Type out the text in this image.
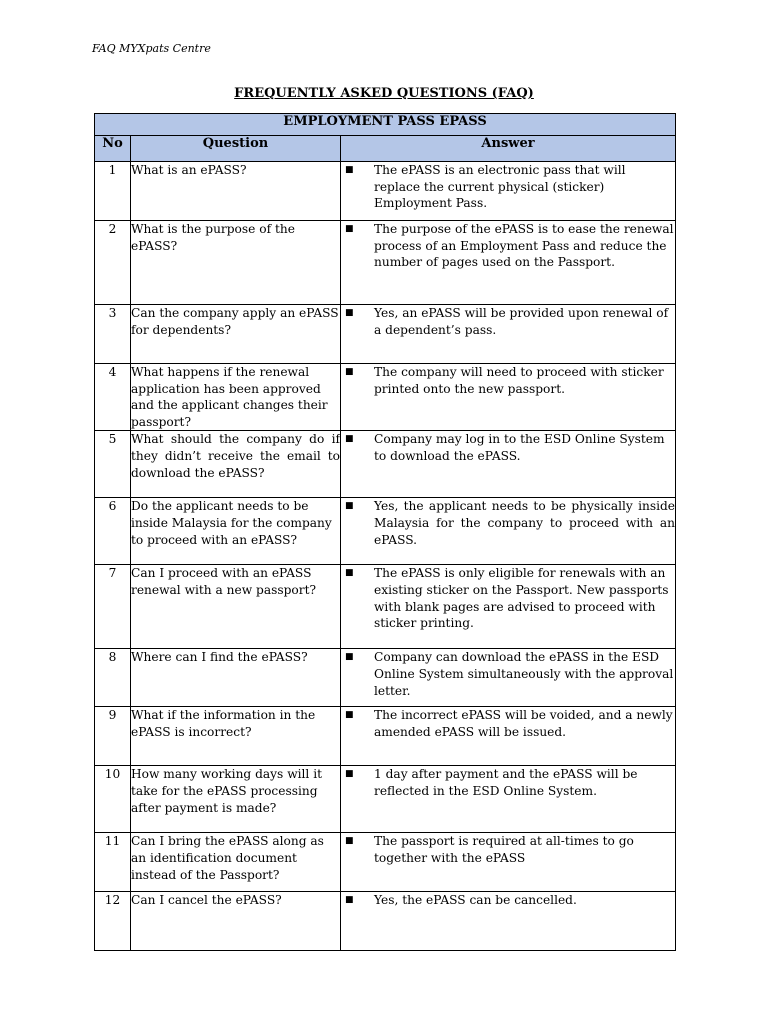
FAQ MYXpats Centre
FREQUENTLY ASKED QUESTIONS (FAQ)
EMPLOYMENT PASS EPASS		
No	Question	Answer
1	What is an ePASS?	■ The ePASS is an electronic pass that will replace the current physical (sticker) Employment Pass.

2	What is the purpose of the ePASS?	■ The purpose of the ePASS is to ease the renewal process of an Employment Pass and reduce the number of pages used on the Passport.

3	Can the company apply an ePASS for dependents?	■ Yes, an ePASS will be provided upon renewal of a dependent’s pass.

4	What happens if the renewal application has been approved and the applicant changes their passport?	■ The company will need to proceed with sticker printed onto the new passport.

5	What should the company do if they didn’t receive the email to download the ePASS?	■ Company may log in to the ESD Online System to download the ePASS.

6	Do the applicant needs to be inside Malaysia for the company to proceed with an ePASS?	■ Yes, the applicant needs to be physically inside Malaysia for the company to proceed with an ePASS.

7	Can I proceed with an ePASS renewal with a new passport?	■ The ePASS is only eligible for renewals with an existing sticker on the Passport. New passports with blank pages are advised to proceed with sticker printing.

8	Where can I find the ePASS?	■ Company can download the ePASS in the ESD Online System simultaneously with the approval letter.

9	What if the information in the ePASS is incorrect?	■ The incorrect ePASS will be voided, and a newly amended ePASS will be issued.

10	How many working days will it take for the ePASS processing after payment is made?	■ 1 day after payment and the ePASS will be reflected in the ESD Online System.

11	Can I bring the ePASS along as an identification document instead of the Passport?	■ The passport is required at all-times to go together with the ePASS

12	Can I cancel the ePASS?	■ Yes, the ePASS can be cancelled.
